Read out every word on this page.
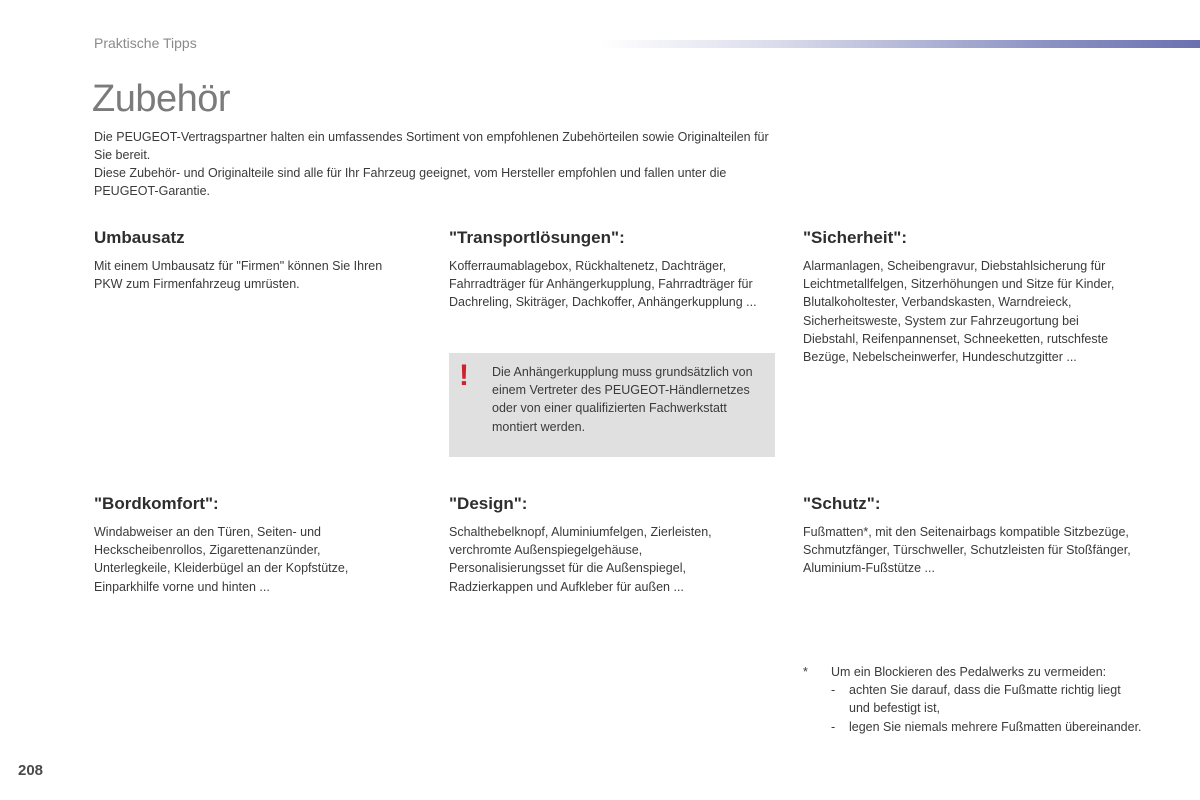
Praktische Tipps
Zubehör

Die PEUGEOT-Vertragspartner halten ein umfassendes Sortiment von empfohlenen Zubehörteilen sowie Originalteilen für Sie bereit.

Diese Zubehör- und Originalteile sind alle für Ihr Fahrzeug geeignet, vom Hersteller empfohlen und fallen unter die PEUGEOT-Garantie.

Umbausatz
Mit einem Umbausatz für "Firmen" können Sie Ihren PKW zum Firmenfahrzeug umrüsten.
"Transportlösungen":
Kofferraumablagebox, Rückhaltenetz, Dachträger, Fahrradträger für Anhängerkupplung, Fahrradträger für Dachreling, Skiträger, Dachkoffer, Anhängerkupplung ...
"Sicherheit":
Alarmanlagen, Scheibengravur, Diebstahlsicherung für Leichtmetallfelgen, Sitzerhöhungen und Sitze für Kinder, Blutalkoholtester, Verbandskasten, Warndreieck, Sicherheitsweste, System zur Fahrzeugortung bei Diebstahl, Reifenpannenset, Schneeketten, rutschfeste Bezüge, Nebelscheinwerfer, Hundeschutzgitter ...
! Die Anhängerkupplung muss grundsätzlich von einem Vertreter des PEUGEOT-Händlernetzes oder von einer qualifizierten Fachwerkstatt montiert werden.
"Bordkomfort":
Windabweiser an den Türen, Seiten- und Heckscheibenrollos, Zigarettenanzünder, Unterlegkeile, Kleiderbügel an der Kopfstütze, Einparkhilfe vorne und hinten ...
"Design":
Schalthebelknopf, Aluminiumfelgen, Zierleisten, verchromte Außenspiegelgehäuse, Personalisierungsset für die Außenspiegel, Radzierkappen und Aufkleber für außen ...
"Schutz":
Fußmatten*, mit den Seitenairbags kompatible Sitzbezüge, Schmutzfänger, Türschweller, Schutzleisten für Stoßfänger, Aluminium-Fußstütze ...
* Um ein Blockieren des Pedalwerks zu vermeiden:
- achten Sie darauf, dass die Fußmatte richtig liegt und befestigt ist,
- legen Sie niemals mehrere Fußmatten übereinander.
208
